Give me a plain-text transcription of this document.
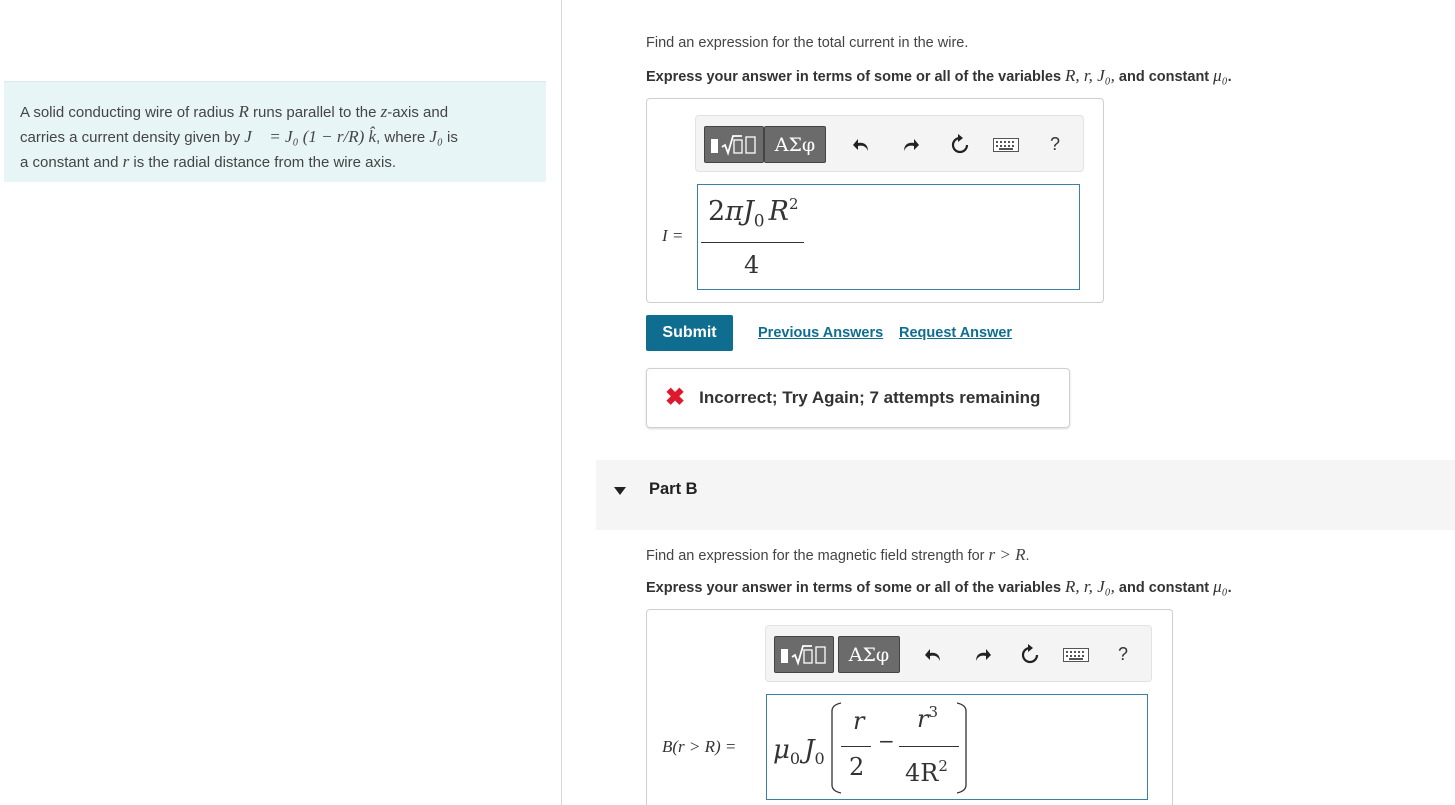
A solid conducting wire of radius R runs parallel to the z-axis and
carries a current density given by J⃗ = J₀ (1 − r/R) k̂, where J₀ is
a constant and r is the radial distance from the wire axis.
Find an expression for the total current in the wire.
Express your answer in terms of some or all of the variables R, r, J₀, and constant μ₀.
ΑΣφ	?
I =
$2\pi J_0$ $R^2$
4
Submit	Previous Answers Request Answer
✖ Incorrect; Try Again; 7 attempts remaining
Part B
Find an expression for the magnetic field strength for r > R.
Express your answer in terms of some or all of the variables R, r, J₀, and constant μ₀.
ΑΣφ	?
$B(r > R) = \mu_0$ $J_0$
r
2
−
$r^3$
$4R^2$
